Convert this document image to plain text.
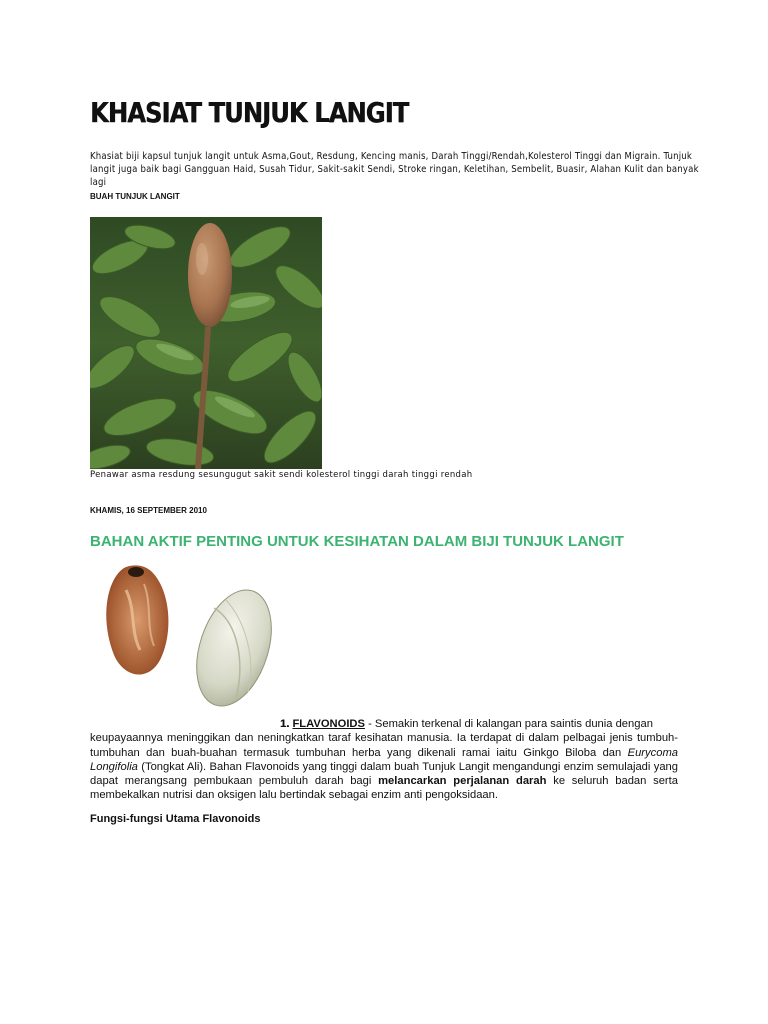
KHASIAT TUNJUK LANGIT

Khasiat biji kapsul tunjuk langit untuk Asma,Gout, Resdung, Kencing manis, Darah Tinggi/Rendah,Kolesterol Tinggi dan Migrain. Tunjuk langit juga baik bagi Gangguan Haid, Susah Tidur, Sakit-sakit Sendi, Stroke ringan, Keletihan, Sembelit, Buasir, Alahan Kulit dan banyak lagi

BUAH TUNJUK LANGIT

Penawar asma resdung sesungugut sakit sendi kolesterol tinggi darah tinggi rendah

KHAMIS, 16 SEPTEMBER 2010

BAHAN AKTIF PENTING UNTUK KESIHATAN DALAM BIJI TUNJUK LANGIT

1. FLAVONOIDS - Semakin terkenal di kalangan para saintis dunia dengan
keupayaannya meninggikan dan neningkatkan taraf kesihatan manusia. Ia terdapat di dalam pelbagai jenis tumbuh-tumbuhan dan buah-buahan termasuk tumbuhan herba yang dikenali ramai iaitu Ginkgo Biloba dan Eurycoma Longifolia (Tongkat Ali). Bahan Flavonoids yang tinggi dalam buah Tunjuk Langit mengandungi enzim semulajadi yang dapat merangsang pembukaan pembuluh darah bagi melancarkan perjalanan darah ke seluruh badan serta membekalkan nutrisi dan oksigen lalu bertindak sebagai enzim anti pengoksidaan.

Fungsi-fungsi Utama Flavonoids
